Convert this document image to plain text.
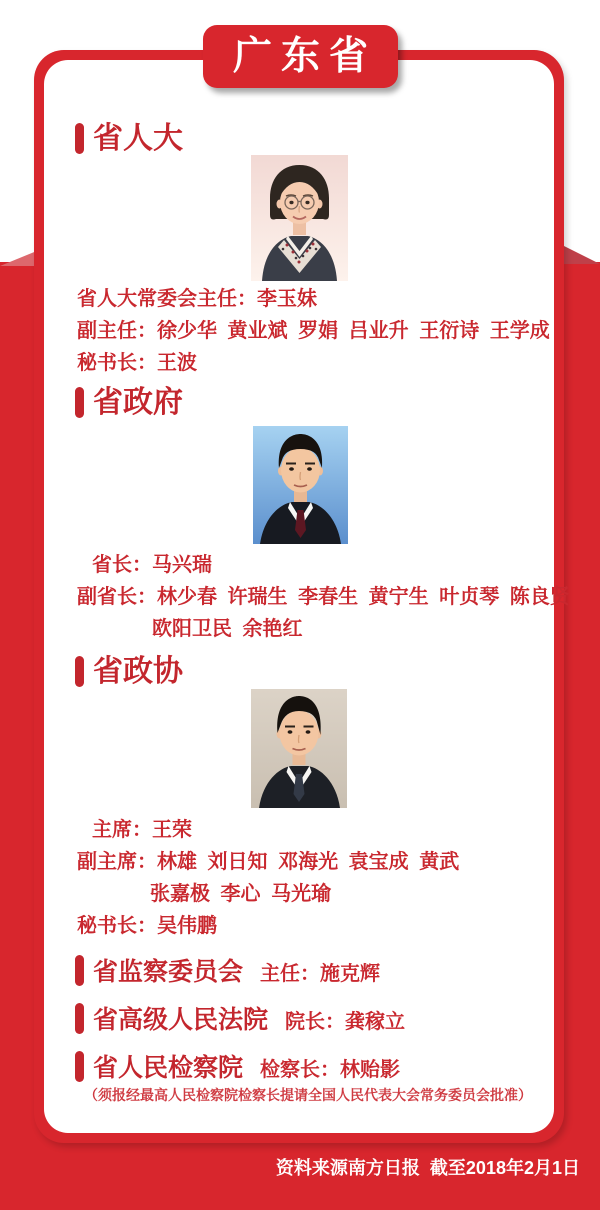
广东省
省人大
省人大常委会主任：李玉妹
副主任：徐少华 黄业斌 罗娟 吕业升 王衍诗 王学成
秘书长：王波
省政府
省长：马兴瑞
副省长：林少春 许瑞生 李春生 黄宁生 叶贞琴 陈良贤
欧阳卫民 余艳红
省政协
主席：王荣
副主席：林雄 刘日知 邓海光 袁宝成 黄武
张嘉极 李心 马光瑜
秘书长：吴伟鹏
省监察委员会 主任：施克辉
省高级人民法院 院长：龚稼立
省人民检察院 检察长：林贻影
（须报经最高人民检察院检察长提请全国人民代表大会常务委员会批准）
资料来源南方日报  截至2018年2月1日
